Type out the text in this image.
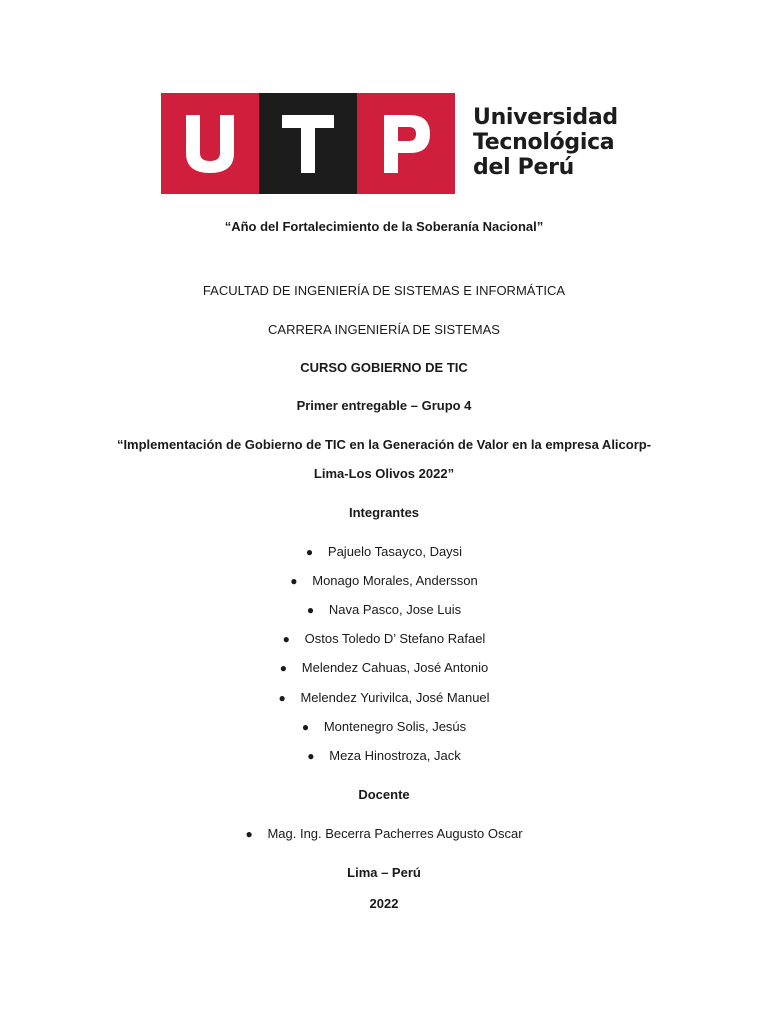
Universidad
Tecnológica
del Perú
“Año del Fortalecimiento de la Soberanía Nacional”
FACULTAD DE INGENIERÍA DE SISTEMAS E INFORMÁTICA
CARRERA INGENIERÍA DE SISTEMAS
CURSO GOBIERNO DE TIC
Primer entregable – Grupo 4
“Implementación de Gobierno de TIC en la Generación de Valor en la empresa Alicorp-
Lima-Los Olivos 2022”
Integrantes
●	Pajuelo Tasayco, Daysi
●	Monago Morales, Andersson
●	Nava Pasco, Jose Luis
●	Ostos Toledo D’ Stefano Rafael
●	Melendez Cahuas, José Antonio
●	Melendez Yurivilca, José Manuel
●	Montenegro Solis, Jesús
●	Meza Hinostroza, Jack
Docente
●	Mag. Ing. Becerra Pacherres Augusto Oscar
Lima – Perú
2022
